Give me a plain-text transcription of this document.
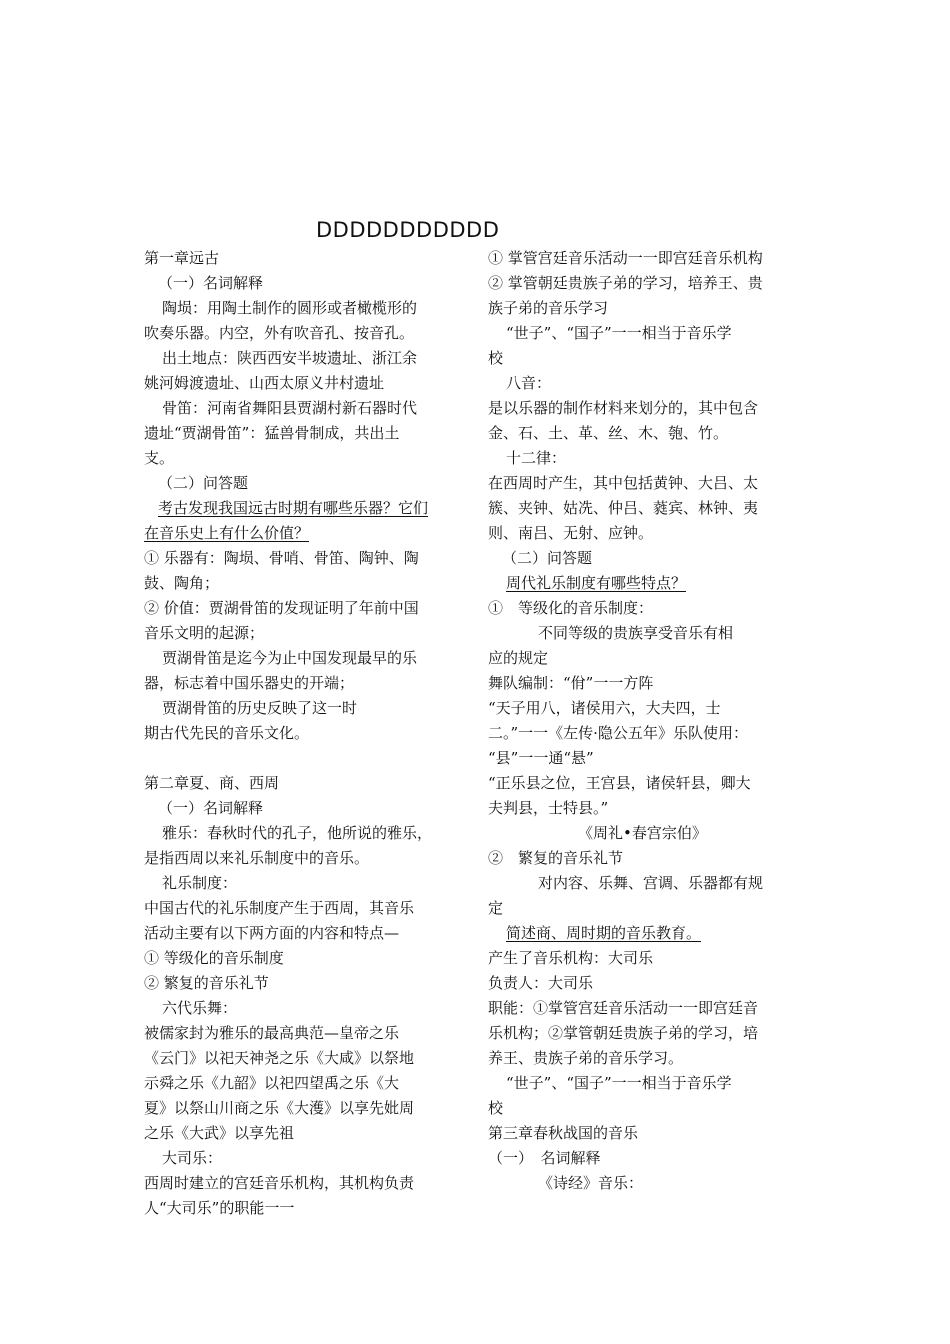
DDDDDDDDDDD
第一章远古
（一）名词解释
陶埙：用陶土制作的圆形或者橄榄形的
吹奏乐器。内空，外有吹音孔、按音孔。
出土地点：陕西西安半坡遗址、浙江余
姚河姆渡遗址、山西太原义井村遗址
骨笛：河南省舞阳县贾湖村新石器时代
遗址“贾湖骨笛”：猛兽骨制成，共出土
支。
（二）问答题
考古发现我国远古时期有哪些乐器？它们
在音乐史上有什么价值？
① 乐器有：陶埙、骨哨、骨笛、陶钟、陶
鼓、陶角；
② 价值：贾湖骨笛的发现证明了年前中国
音乐文明的起源；
贾湖骨笛是迄今为止中国发现最早的乐
器，标志着中国乐器史的开端；
贾湖骨笛的历史反映了这一时
期古代先民的音乐文化。
第二章夏、商、西周
（一）名词解释
雅乐：春秋时代的孔子，他所说的雅乐，
是指西周以来礼乐制度中的音乐。
礼乐制度：
中国古代的礼乐制度产生于西周，其音乐
活动主要有以下两方面的内容和特点—
① 等级化的音乐制度
② 繁复的音乐礼节
六代乐舞：
被儒家封为雅乐的最高典范—皇帝之乐
《云门》以祀天神尧之乐《大咸》以祭地
示舜之乐《九韶》以祀四望禹之乐《大
夏》以祭山川商之乐《大濩》以享先妣周
之乐《大武》以享先祖
大司乐：
西周时建立的宫廷音乐机构，其机构负责
人“大司乐”的职能一一
① 掌管宫廷音乐活动一一即宫廷音乐机构
② 掌管朝廷贵族子弟的学习，培养王、贵
族子弟的音乐学习
“世子”、“国子”一一相当于音乐学
校
八音：
是以乐器的制作材料来划分的，其中包含
金、石、土、革、丝、木、匏、竹。
十二律：
在西周时产生，其中包括黄钟、大吕、太
簇、夹钟、姑冼、仲吕、蕤宾、林钟、夷
则、南吕、无射、应钟。
（二）问答题
周代礼乐制度有哪些特点？
①　等级化的音乐制度：
不同等级的贵族享受音乐有相
应的规定
舞队编制：“佾”一一方阵
“天子用八，诸侯用六，大夫四，士
二。”一一《左传·隐公五年》乐队使用：
“县”一一通“悬”
“正乐县之位，王宫县，诸侯轩县，卿大
夫判县，士特县。”
《周礼•春宫宗伯》
②　繁复的音乐礼节
对内容、乐舞、宫调、乐器都有规
定
简述商、周时期的音乐教育。
产生了音乐机构：大司乐
负责人：大司乐
职能：①掌管宫廷音乐活动一一即宫廷音
乐机构；②掌管朝廷贵族子弟的学习，培
养王、贵族子弟的音乐学习。
“世子”、“国子”一一相当于音乐学
校
第三章春秋战国的音乐
（一）　名词解释
《诗经》音乐：
